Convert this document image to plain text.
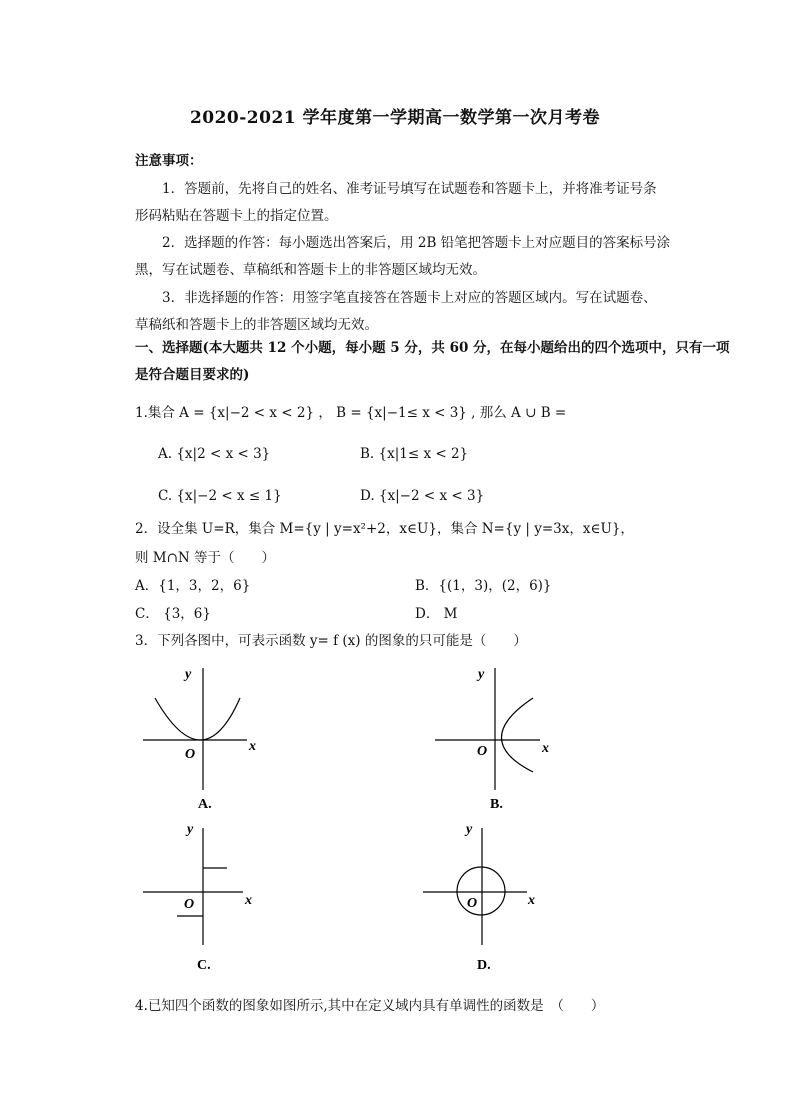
2020-2021 学年度第一学期高一数学第一次月考卷
注意事项：
1．答题前，先将自己的姓名、准考证号填写在试题卷和答题卡上，并将准考证号条
形码粘贴在答题卡上的指定位置。
2．选择题的作答：每小题选出答案后，用 2B 铅笔把答题卡上对应题目的答案标号涂
黑，写在试题卷、草稿纸和答题卡上的非答题区域均无效。
3．非选择题的作答：用签字笔直接答在答题卡上对应的答题区域内。写在试题卷、
草稿纸和答题卡上的非答题区域均无效。
一、选择题(本大题共 12 个小题，每小题 5 分，共 60 分，在每小题给出的四个选项中，只有一项
是符合题目要求的)
1.集合 A = {x|−2 < x < 2} ， B = {x|−1≤ x < 3} , 那么 A ∪ B =
A. {x|2 < x < 3}	B. {x|1≤ x < 2}
C. {x|−2 < x ≤ 1}	D. {x|−2 < x < 3}
2．设全集 U=R，集合 M={y | y=x²+2，x∈U}，集合 N={y | y=3x，x∈U}，
则 M∩N 等于（　　）
A．{1，3，2，6}	B．{(1，3)，(2，6)}
C． {3，6}	D． M
3．下列各图中，可表示函数 y= f (x) 的图象的只可能是（　　）
y
x
O
A.
y
x
O
B.
y
x
O
C.
y
x
O
D.
4.已知四个函数的图象如图所示,其中在定义域内具有单调性的函数是　（　　）
